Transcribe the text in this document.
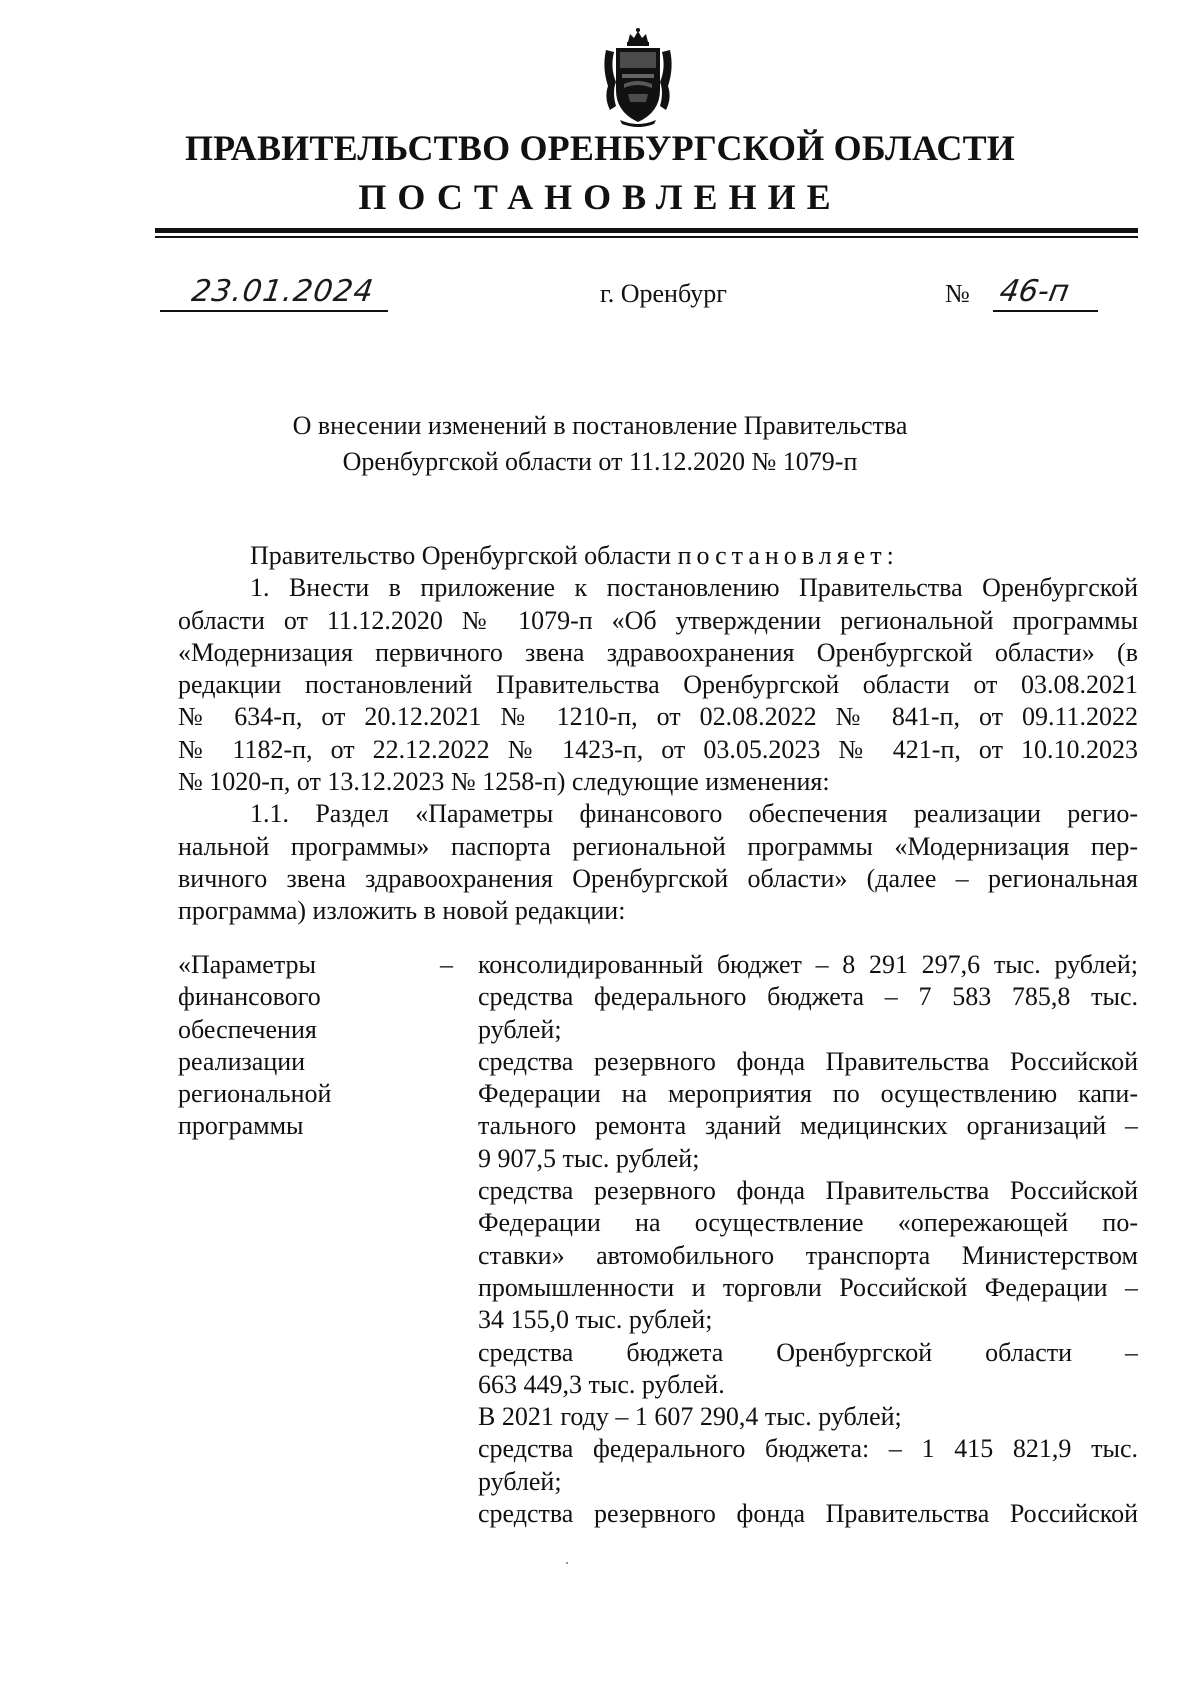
ПРАВИТЕЛЬСТВО ОРЕНБУРГСКОЙ ОБЛАСТИ
ПОСТАНОВЛЕНИЕ
23.01.2024	г. Оренбург	№ 46-п
О внесении изменений в постановление Правительства
Оренбургской области от 11.12.2020 № 1079-п
Правительство Оренбургской области постановляет:
1. Внести в приложение к постановлению Правительства Оренбургской
области от 11.12.2020 № 1079-п «Об утверждении региональной программы
«Модернизация первичного звена здравоохранения Оренбургской области» (в
редакции постановлений Правительства Оренбургской области от 03.08.2021
№ 634-п, от 20.12.2021 № 1210-п, от 02.08.2022 № 841-п, от 09.11.2022
№ 1182-п, от 22.12.2022 № 1423-п, от 03.05.2023 № 421-п, от 10.10.2023
№ 1020-п, от 13.12.2023 № 1258-п) следующие изменения:
1.1. Раздел «Параметры финансового обеспечения реализации регио-
нальной программы» паспорта региональной программы «Модернизация пер-
вичного звена здравоохранения Оренбургской области» (далее – региональная
программа) изложить в новой редакции:
«Параметры
финансового
обеспечения
реализации
региональной
программы
– консолидированный бюджет – 8 291 297,6 тыс. рублей;
средства федерального бюджета – 7 583 785,8 тыс.
рублей;
средства резервного фонда Правительства Российской
Федерации на мероприятия по осуществлению капи-
тального ремонта зданий медицинских организаций –
9 907,5 тыс. рублей;
средства резервного фонда Правительства Российской
Федерации на осуществление «опережающей по-
ставки» автомобильного транспорта Министерством
промышленности и торговли Российской Федерации –
34 155,0 тыс. рублей;
средства бюджета Оренбургской области –
663 449,3 тыс. рублей.
В 2021 году – 1 607 290,4 тыс. рублей;
средства федерального бюджета: – 1 415 821,9 тыс.
рублей;
средства резервного фонда Правительства Российской
